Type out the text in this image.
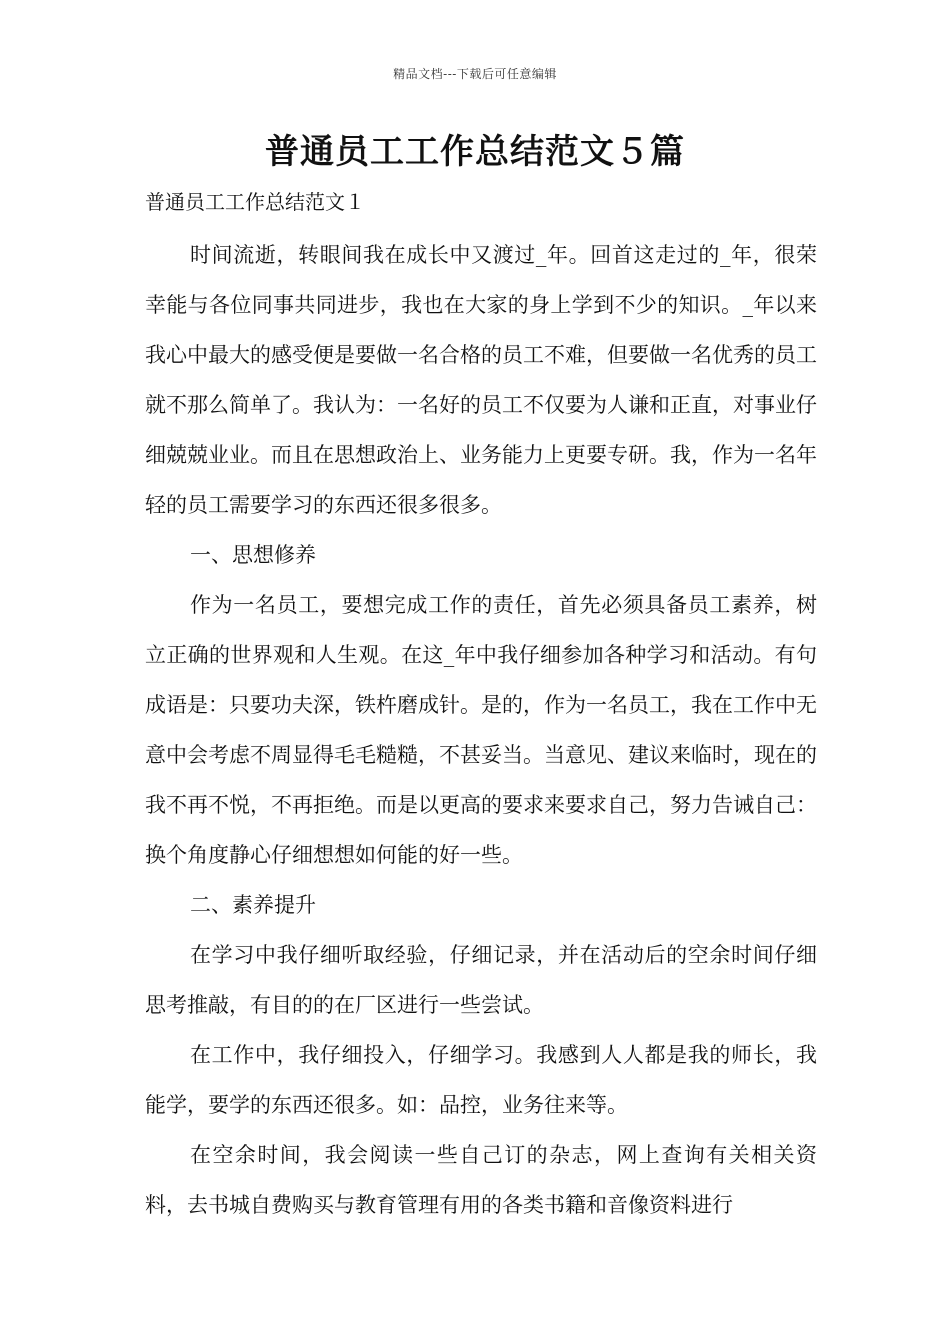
精品文档---下载后可任意编辑
普通员工工作总结范文５篇

普通员工工作总结范文１

时间流逝，转眼间我在成长中又渡过_年。回首这走过的_年，很荣幸能与各位同事共同进步，我也在大家的身上学到不少的知识。_年以来我心中最大的感受便是要做一名合格的员工不难，但要做一名优秀的员工就不那么简单了。我认为：一名好的员工不仅要为人谦和正直，对事业仔细兢兢业业。而且在思想政治上、业务能力上更要专研。我，作为一名年轻的员工需要学习的东西还很多很多。

一、思想修养

作为一名员工，要想完成工作的责任，首先必须具备员工素养，树立正确的世界观和人生观。在这_年中我仔细参加各种学习和活动。有句成语是：只要功夫深，铁杵磨成针。是的，作为一名员工，我在工作中无意中会考虑不周显得毛毛糙糙，不甚妥当。当意见、建议来临时，现在的我不再不悦，不再拒绝。而是以更高的要求来要求自己，努力告诫自己：换个角度静心仔细想想如何能的好一些。

二、素养提升

在学习中我仔细听取经验，仔细记录，并在活动后的空余时间仔细思考推敲，有目的的在厂区进行一些尝试。

在工作中，我仔细投入，仔细学习。我感到人人都是我的师长，我能学，要学的东西还很多。如：品控，业务往来等。

在空余时间，我会阅读一些自己订的杂志，网上查询有关相关资料，去书城自费购买与教育管理有用的各类书籍和音像资料进行
